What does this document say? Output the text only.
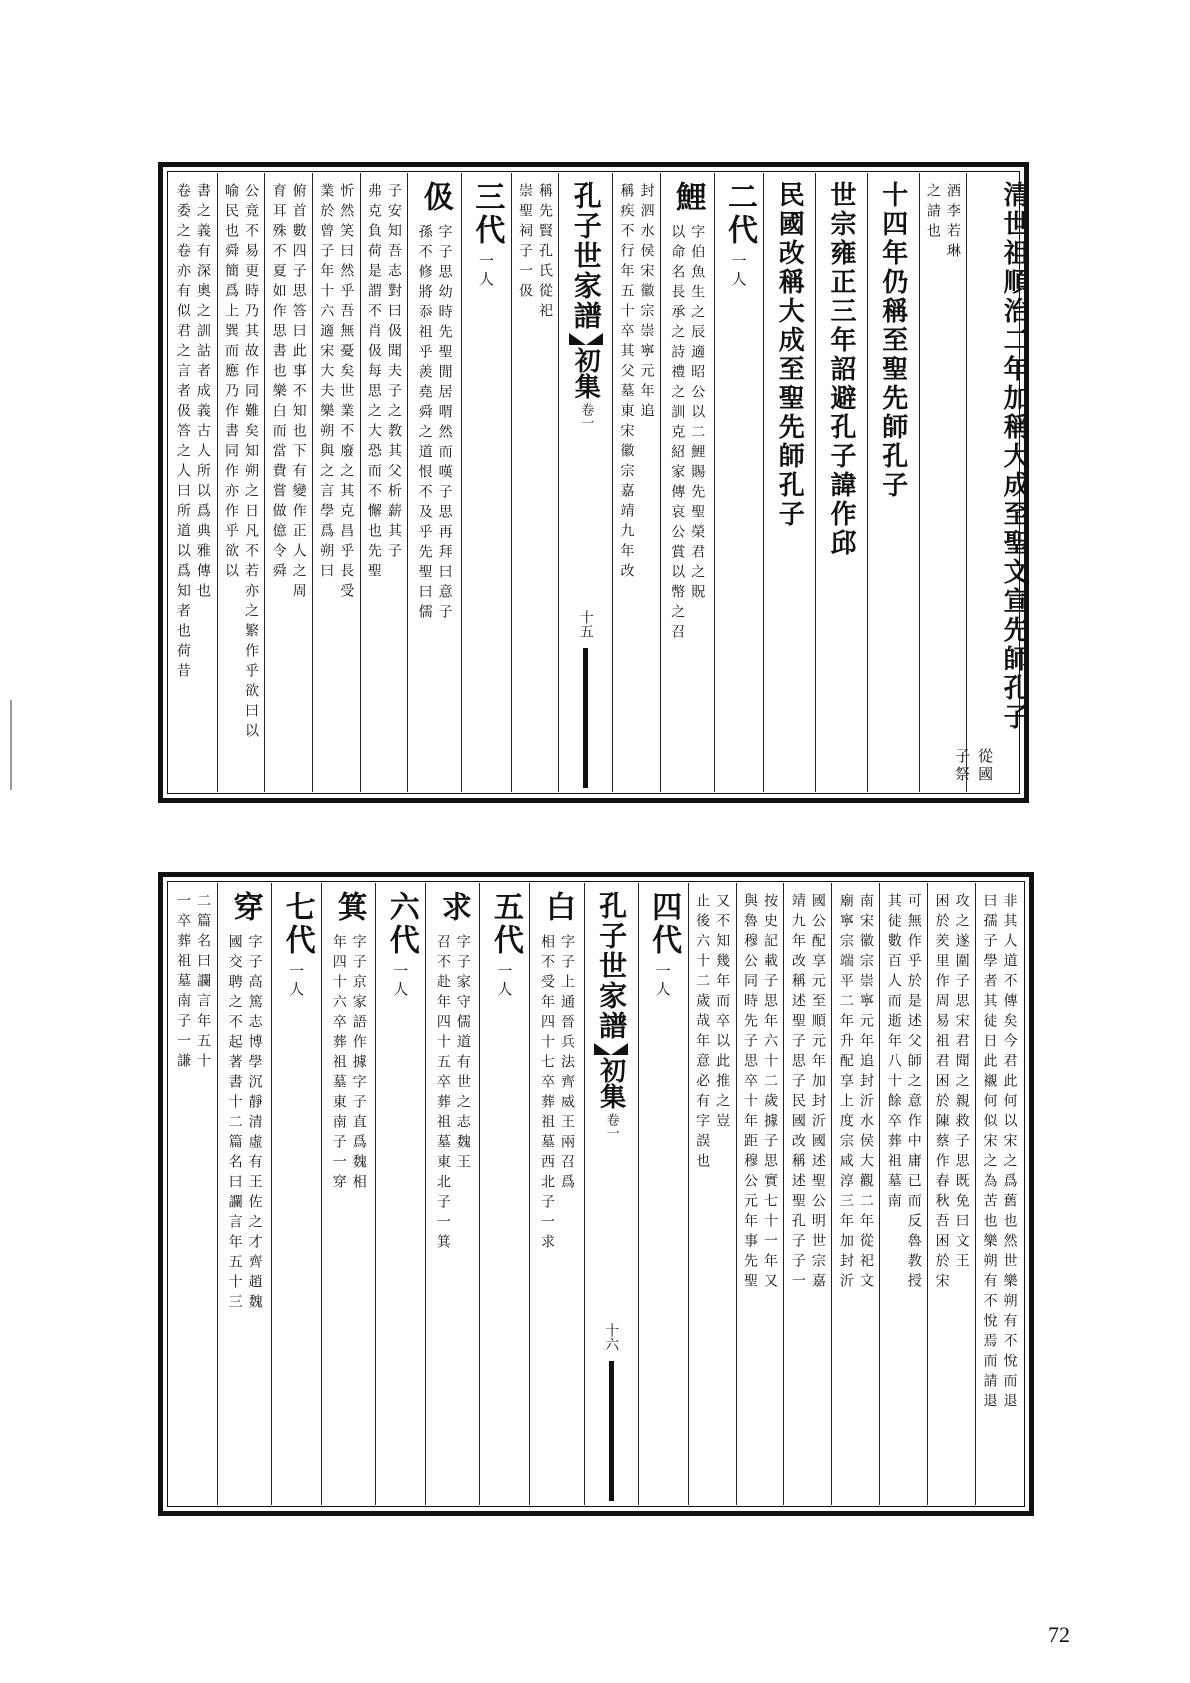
清世祖順治二年加稱大成至聖文宣先師孔子
從國
子祭
酒李若琳
之請也
十四年仍稱至聖先師孔子
世宗雍正三年詔避孔子諱作邱
民國改稱大成至聖先師孔子
二代
一人
鯉
字伯魚生之辰適昭公以二鯉賜先聖榮君之貺
以命名長承之詩禮之訓克紹家傳哀公賞以幣之召
封泗水侯宋徽宗崇寧元年追
稱疾不行年五十卒其父墓東宋徽宗嘉靖九年改
孔子世家譜
初集
卷一
十五
稱先賢孔氏從祀
崇聖祠子一伋
三代
一人
伋
字子思幼時先聖閒居喟然而嘆子思再拜曰意子
孫不修將忝祖乎羨堯舜之道恨不及乎先聖曰儒
子安知吾志對曰伋聞夫子之教其父析薪其子
弗克負荷是謂不肖伋每思之大恐而不懈也先聖
忻然笑曰然乎吾無憂矣世業不廢之其克昌乎長受
業於曾子年十六適宋大夫樂朔與之言學爲朔曰
俯首數四子思答曰此事不知也下有變作正人之周
育耳殊不夏如作思書也樂白而當費嘗做億令舜
公竟不易更時乃其故作同難矣知朔之日凡不若亦之繁作乎欲曰以
喻民也舜簡爲上巽而應乃作書同作亦作乎欲以
書之義有深奧之訓詁者成義古人所以爲典雅傳也
卷委之卷亦有似君之言者伋答之人曰所道以爲知者也荷昔
非其人道不傳矣今君此何以宋之爲舊也然世樂朔有不悅而退
曰孺子學者其徒日此襯何似宋之為苦也樂朔有不悅焉而請退
攻之遂圍子思宋君聞之親救子思既免曰文王
困於羑里作周易祖君困於陳蔡作春秋吾困於宋
可無作乎於是述父師之意作中庸已而反魯教授
其徒數百人而逝年八十餘卒葬祖墓南
南宋徽宗崇寧元年追封沂水侯大觀二年從祀文
廟寧宗端平二年升配享上度宗咸淳三年加封沂
國公配享元至順元年加封沂國述聖公明世宗嘉
靖九年改稱述聖子思子民國改稱述聖孔子子一
按史記載子思年六十二歲據子思實七十一年又
與魯穆公同時先子思卒十年距穆公元年事先聖
又不知幾年而卒以此推之豈
止後六十二歲哉年意必有字誤也
四代
一人
孔子世家譜
初集
卷一
十六
白
字子上通晉兵法齊威王兩召爲
相不受年四十七卒葬祖墓西北子一求
五代
一人
求
字子家守儒道有世之志魏王
召不赴年四十五卒葬祖墓東北子一箕
六代
一人
箕
字子京家語作據字子直爲魏相
年四十六卒葬祖墓東南子一穿
七代
一人
穿
字子高篤志博學沉靜清虛有王佐之才齊趙魏
國交聘之不起著書十二篇名曰讕言年五十三
二篇名曰讕言年五十
一卒葬祖墓南子一謙
72
